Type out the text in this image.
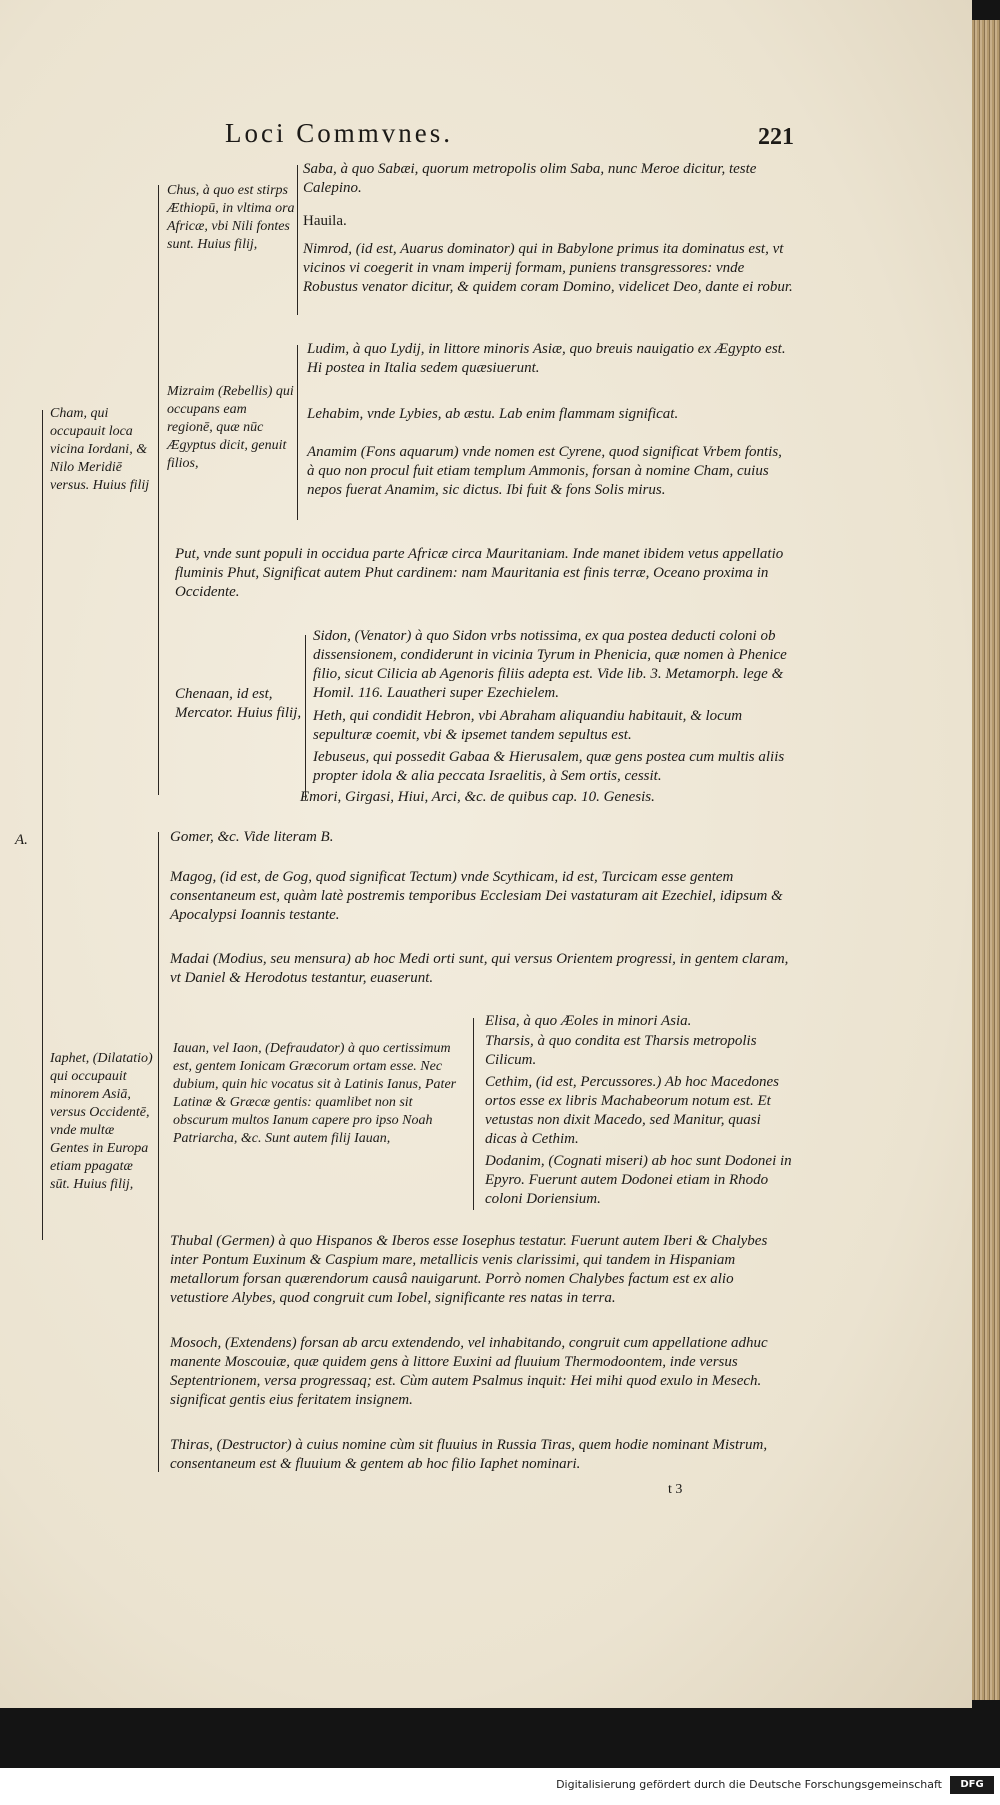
Loci Commvnes.	221
A.
Cham, qui occupauit loca vicina Iordani, & Nilo Meridiē versus. Huius filij
Chus, à quo est stirps Æthiopū, in vltima ora Africæ, vbi Nili fontes sunt. Huius filij,
Saba, à quo Sabæi, quorum metropolis olim Saba, nunc Meroe dicitur, teste Calepino.
Hauila.
Nimrod, (id est, Auarus dominator) qui in Babylone primus ita dominatus est, vt vicinos vi coegerit in vnam imperij formam, puniens transgressores: vnde Robustus venator dicitur, & quidem coram Domino, videlicet Deo, dante ei robur.
Mizraim (Rebellis) qui occupans eam regionē, quæ nūc Ægyptus dicit, genuit filios,
Ludim, à quo Lydij, in littore minoris Asiæ, quo breuis nauigatio ex Ægypto est. Hi postea in Italia sedem quæsiuerunt.
Lehabim, vnde Lybies, ab æstu. Lab enim flammam significat.
Anamim (Fons aquarum) vnde nomen est Cyrene, quod significat Vrbem fontis, à quo non procul fuit etiam templum Ammonis, forsan à nomine Cham, cuius nepos fuerat Anamim, sic dictus. Ibi fuit & fons Solis mirus.
Put, vnde sunt populi in occidua parte Africæ circa Mauritaniam. Inde manet ibidem vetus appellatio fluminis Phut, Significat autem Phut cardinem: nam Mauritania est finis terræ, Oceano proxima in Occidente.
Chenaan, id est, Mercator. Huius filij,
Sidon, (Venator) à quo Sidon vrbs notissima, ex qua postea deducti coloni ob dissensionem, condiderunt in vicinia Tyrum in Phenicia, quæ nomen à Phenice filio, sicut Cilicia ab Agenoris filiis adepta est. Vide lib. 3. Metamorph. lege & Homil. 116. Lauatheri super Ezechielem.
Heth, qui condidit Hebron, vbi Abraham aliquandiu habitauit, & locum sepulturæ coemit, vbi & ipsemet tandem sepultus est.
Iebuseus, qui possedit Gabaa & Hierusalem, quæ gens postea cum multis aliis propter idola & alia peccata Israelitis, à Sem ortis, cessit.
Emori, Girgasi, Hiui, Arci, &c. de quibus cap. 10. Genesis.
Iaphet, (Dilatatio) qui occupauit minorem Asiā, versus Occidentē, vnde multæ Gentes in Europa etiam ppagatæ sūt. Huius filij,
Gomer, &c. Vide literam B.
Magog, (id est, de Gog, quod significat Tectum) vnde Scythicam, id est, Turcicam esse gentem consentaneum est, quàm latè postremis temporibus Ecclesiam Dei vastaturam ait Ezechiel, idipsum & Apocalypsi Ioannis testante.
Madai (Modius, seu mensura) ab hoc Medi orti sunt, qui versus Orientem progressi, in gentem claram, vt Daniel & Herodotus testantur, euaserunt.
Iauan, vel Iaon, (Defraudator) à quo certissimum est, gentem Ionicam Græcorum ortam esse. Nec dubium, quin hic vocatus sit à Latinis Ianus, Pater Latinæ & Græcæ gentis: quamlibet non sit obscurum multos Ianum capere pro ipso Noah Patriarcha, &c. Sunt autem filij Iauan,
Elisa, à quo Æoles in minori Asia.
Tharsis, à quo condita est Tharsis metropolis Cilicum.
Cethim, (id est, Percussores.) Ab hoc Macedones ortos esse ex libris Machabeorum notum est. Et vetustas non dixit Macedo, sed Manitur, quasi dicas à Cethim.
Dodanim, (Cognati miseri) ab hoc sunt Dodonei in Epyro. Fuerunt autem Dodonei etiam in Rhodo coloni Doriensium.
Thubal (Germen) à quo Hispanos & Iberos esse Iosephus testatur. Fuerunt autem Iberi & Chalybes inter Pontum Euxinum & Caspium mare, metallicis venis clarissimi, qui tandem in Hispaniam metallorum forsan quærendorum causâ nauigarunt. Porrò nomen Chalybes factum est ex alio vetustiore Alybes, quod congruit cum Iobel, significante res natas in terra.
Mosoch, (Extendens) forsan ab arcu extendendo, vel inhabitando, congruit cum appellatione adhuc manente Moscouiæ, quæ quidem gens à littore Euxini ad fluuium Thermodoontem, inde versus Septentrionem, versa progressaq; est. Cùm autem Psalmus inquit: Hei mihi quod exulo in Mesech. significat gentis eius feritatem insignem.
Thiras, (Destructor) à cuius nomine cùm sit fluuius in Russia Tiras, quem hodie nominant Mistrum, consentaneum est & fluuium & gentem ab hoc filio Iaphet nominari.
t 3
Digitalisierung gefördert durch die Deutsche Forschungsgemeinschaft	DFG
